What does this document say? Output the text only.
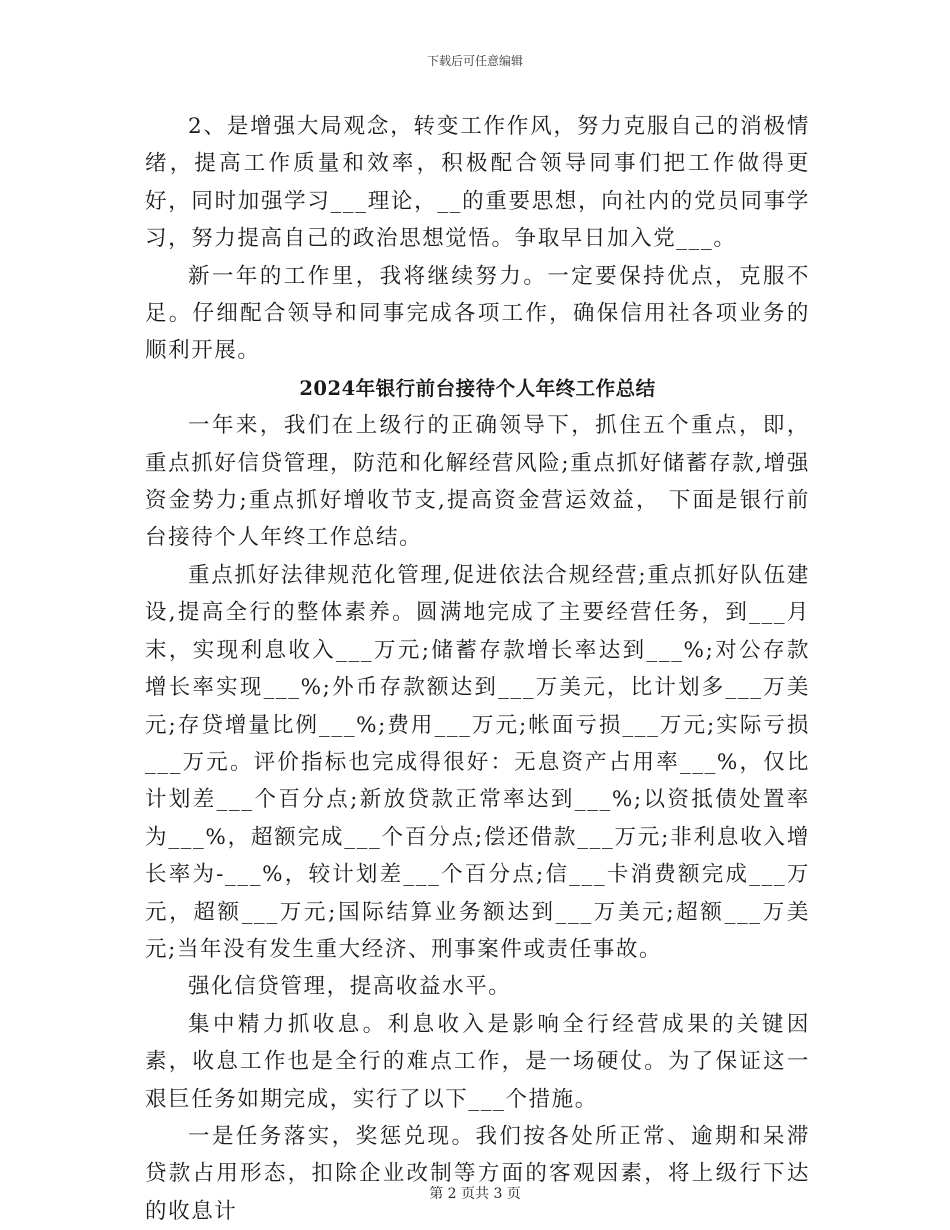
下载后可任意编辑

2、是增强大局观念，转变工作作风，努力克服自己的消极情绪，提高工作质量和效率，积极配合领导同事们把工作做得更好，同时加强学习___理论，__的重要思想，向社内的党员同事学习，努力提高自己的政治思想觉悟。争取早日加入党___。

新一年的工作里，我将继续努力。一定要保持优点，克服不足。仔细配合领导和同事完成各项工作，确保信用社各项业务的顺利开展。

2024年银行前台接待个人年终工作总结

一年来，我们在上级行的正确领导下，抓住五个重点，即，重点抓好信贷管理，防范和化解经营风险;重点抓好储蓄存款,增强资金势力;重点抓好增收节支,提高资金营运效益， 下面是银行前台接待个人年终工作总结。

重点抓好法律规范化管理,促进依法合规经营;重点抓好队伍建设,提高全行的整体素养。圆满地完成了主要经营任务，到___月末，实现利息收入___万元;储蓄存款增长率达到___%;对公存款增长率实现___%;外币存款额达到___万美元，比计划多___万美元;存贷增量比例___%;费用___万元;帐面亏损___万元;实际亏损___万元。评价指标也完成得很好：无息资产占用率___%，仅比计划差___个百分点;新放贷款正常率达到___%;以资抵债处置率为___%，超额完成___个百分点;偿还借款___万元;非利息收入增长率为-___%，较计划差___个百分点;信___卡消费额完成___万元，超额___万元;国际结算业务额达到___万美元;超额___万美元;当年没有发生重大经济、刑事案件或责任事故。

强化信贷管理，提高收益水平。

集中精力抓收息。利息收入是影响全行经营成果的关键因素，收息工作也是全行的难点工作，是一场硬仗。为了保证这一艰巨任务如期完成，实行了以下___个措施。

一是任务落实，奖惩兑现。我们按各处所正常、逾期和呆滞贷款占用形态，扣除企业改制等方面的客观因素，将上级行下达的收息计

第 2 页共 3 页
